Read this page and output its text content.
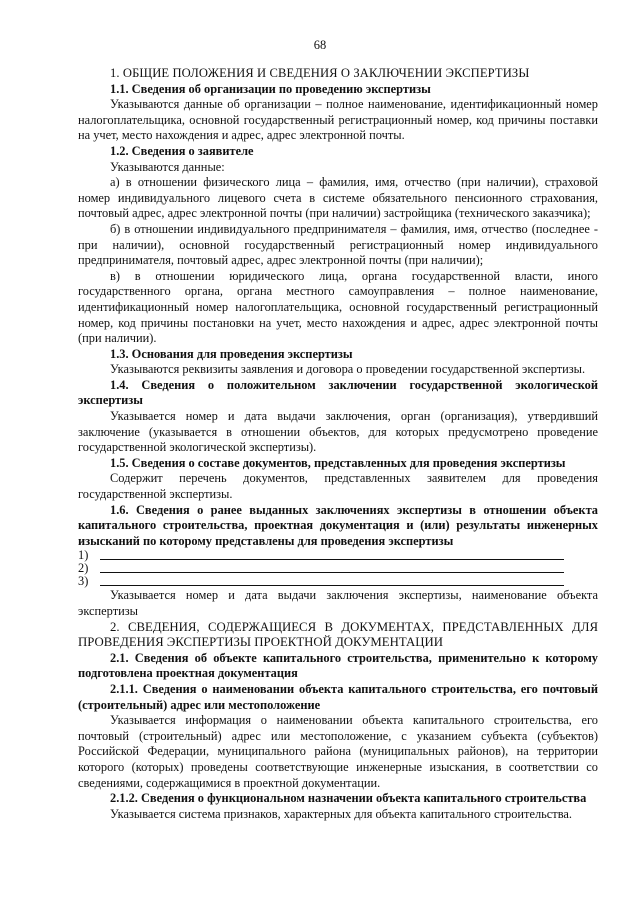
68

1. ОБЩИЕ ПОЛОЖЕНИЯ И СВЕДЕНИЯ О ЗАКЛЮЧЕНИИ ЭКСПЕРТИЗЫ

1.1. Сведения об организации по проведению экспертизы

Указываются данные об организации – полное наименование, идентификационный номер налогоплательщика, основной государственный регистрационный номер, код причины поставки на учет, место нахождения и адрес, адрес электронной почты.

1.2. Сведения о заявителе

Указываются данные:

а) в отношении физического лица – фамилия, имя, отчество (при наличии), страховой номер индивидуального лицевого счета в системе обязательного пенсионного страхования, почтовый адрес, адрес электронной почты (при наличии) застройщика (технического заказчика);

б) в отношении индивидуального предпринимателя – фамилия, имя, отчество (последнее - при наличии), основной государственный регистрационный номер индивидуального предпринимателя, почтовый адрес, адрес электронной почты (при наличии);

в) в отношении юридического лица, органа государственной власти, иного государственного органа, органа местного самоуправления – полное наименование, идентификационный номер налогоплательщика, основной государственный регистрационный номер, код причины постановки на учет, место нахождения и адрес, адрес электронной почты (при наличии).

1.3. Основания для проведения экспертизы

Указываются реквизиты заявления и договора о проведении государственной экспертизы.

1.4. Сведения о положительном заключении государственной экологической экспертизы

Указывается номер и дата выдачи заключения, орган (организация), утвердивший заключение (указывается в отношении объектов, для которых предусмотрено проведение государственной экологической экспертизы).

1.5. Сведения о составе документов, представленных для проведения экспертизы

Содержит перечень документов, представленных заявителем для проведения государственной экспертизы.

1.6. Сведения о ранее выданных заключениях экспертизы в отношении объекта капитального строительства, проектная документация и (или) результаты инженерных изысканий по которому представлены для проведения экспертизы

1)
2)
3)

Указывается номер и дата выдачи заключения экспертизы, наименование объекта экспертизы

2. СВЕДЕНИЯ, СОДЕРЖАЩИЕСЯ В ДОКУМЕНТАХ, ПРЕДСТАВЛЕННЫХ ДЛЯ ПРОВЕДЕНИЯ ЭКСПЕРТИЗЫ ПРОЕКТНОЙ ДОКУМЕНТАЦИИ

2.1. Сведения об объекте капитального строительства, применительно к которому подготовлена проектная документация

2.1.1. Сведения о наименовании объекта капитального строительства, его почтовый (строительный) адрес или местоположение

Указывается информация о наименовании объекта капитального строительства, его почтовый (строительный) адрес или местоположение, с указанием субъекта (субъектов) Российской Федерации, муниципального района (муниципальных районов), на территории которого (которых) проведены соответствующие инженерные изыскания, в соответствии со сведениями, содержащимися в проектной документации.

2.1.2. Сведения о функциональном назначении объекта капитального строительства

Указывается система признаков, характерных для объекта капитального строительства.
